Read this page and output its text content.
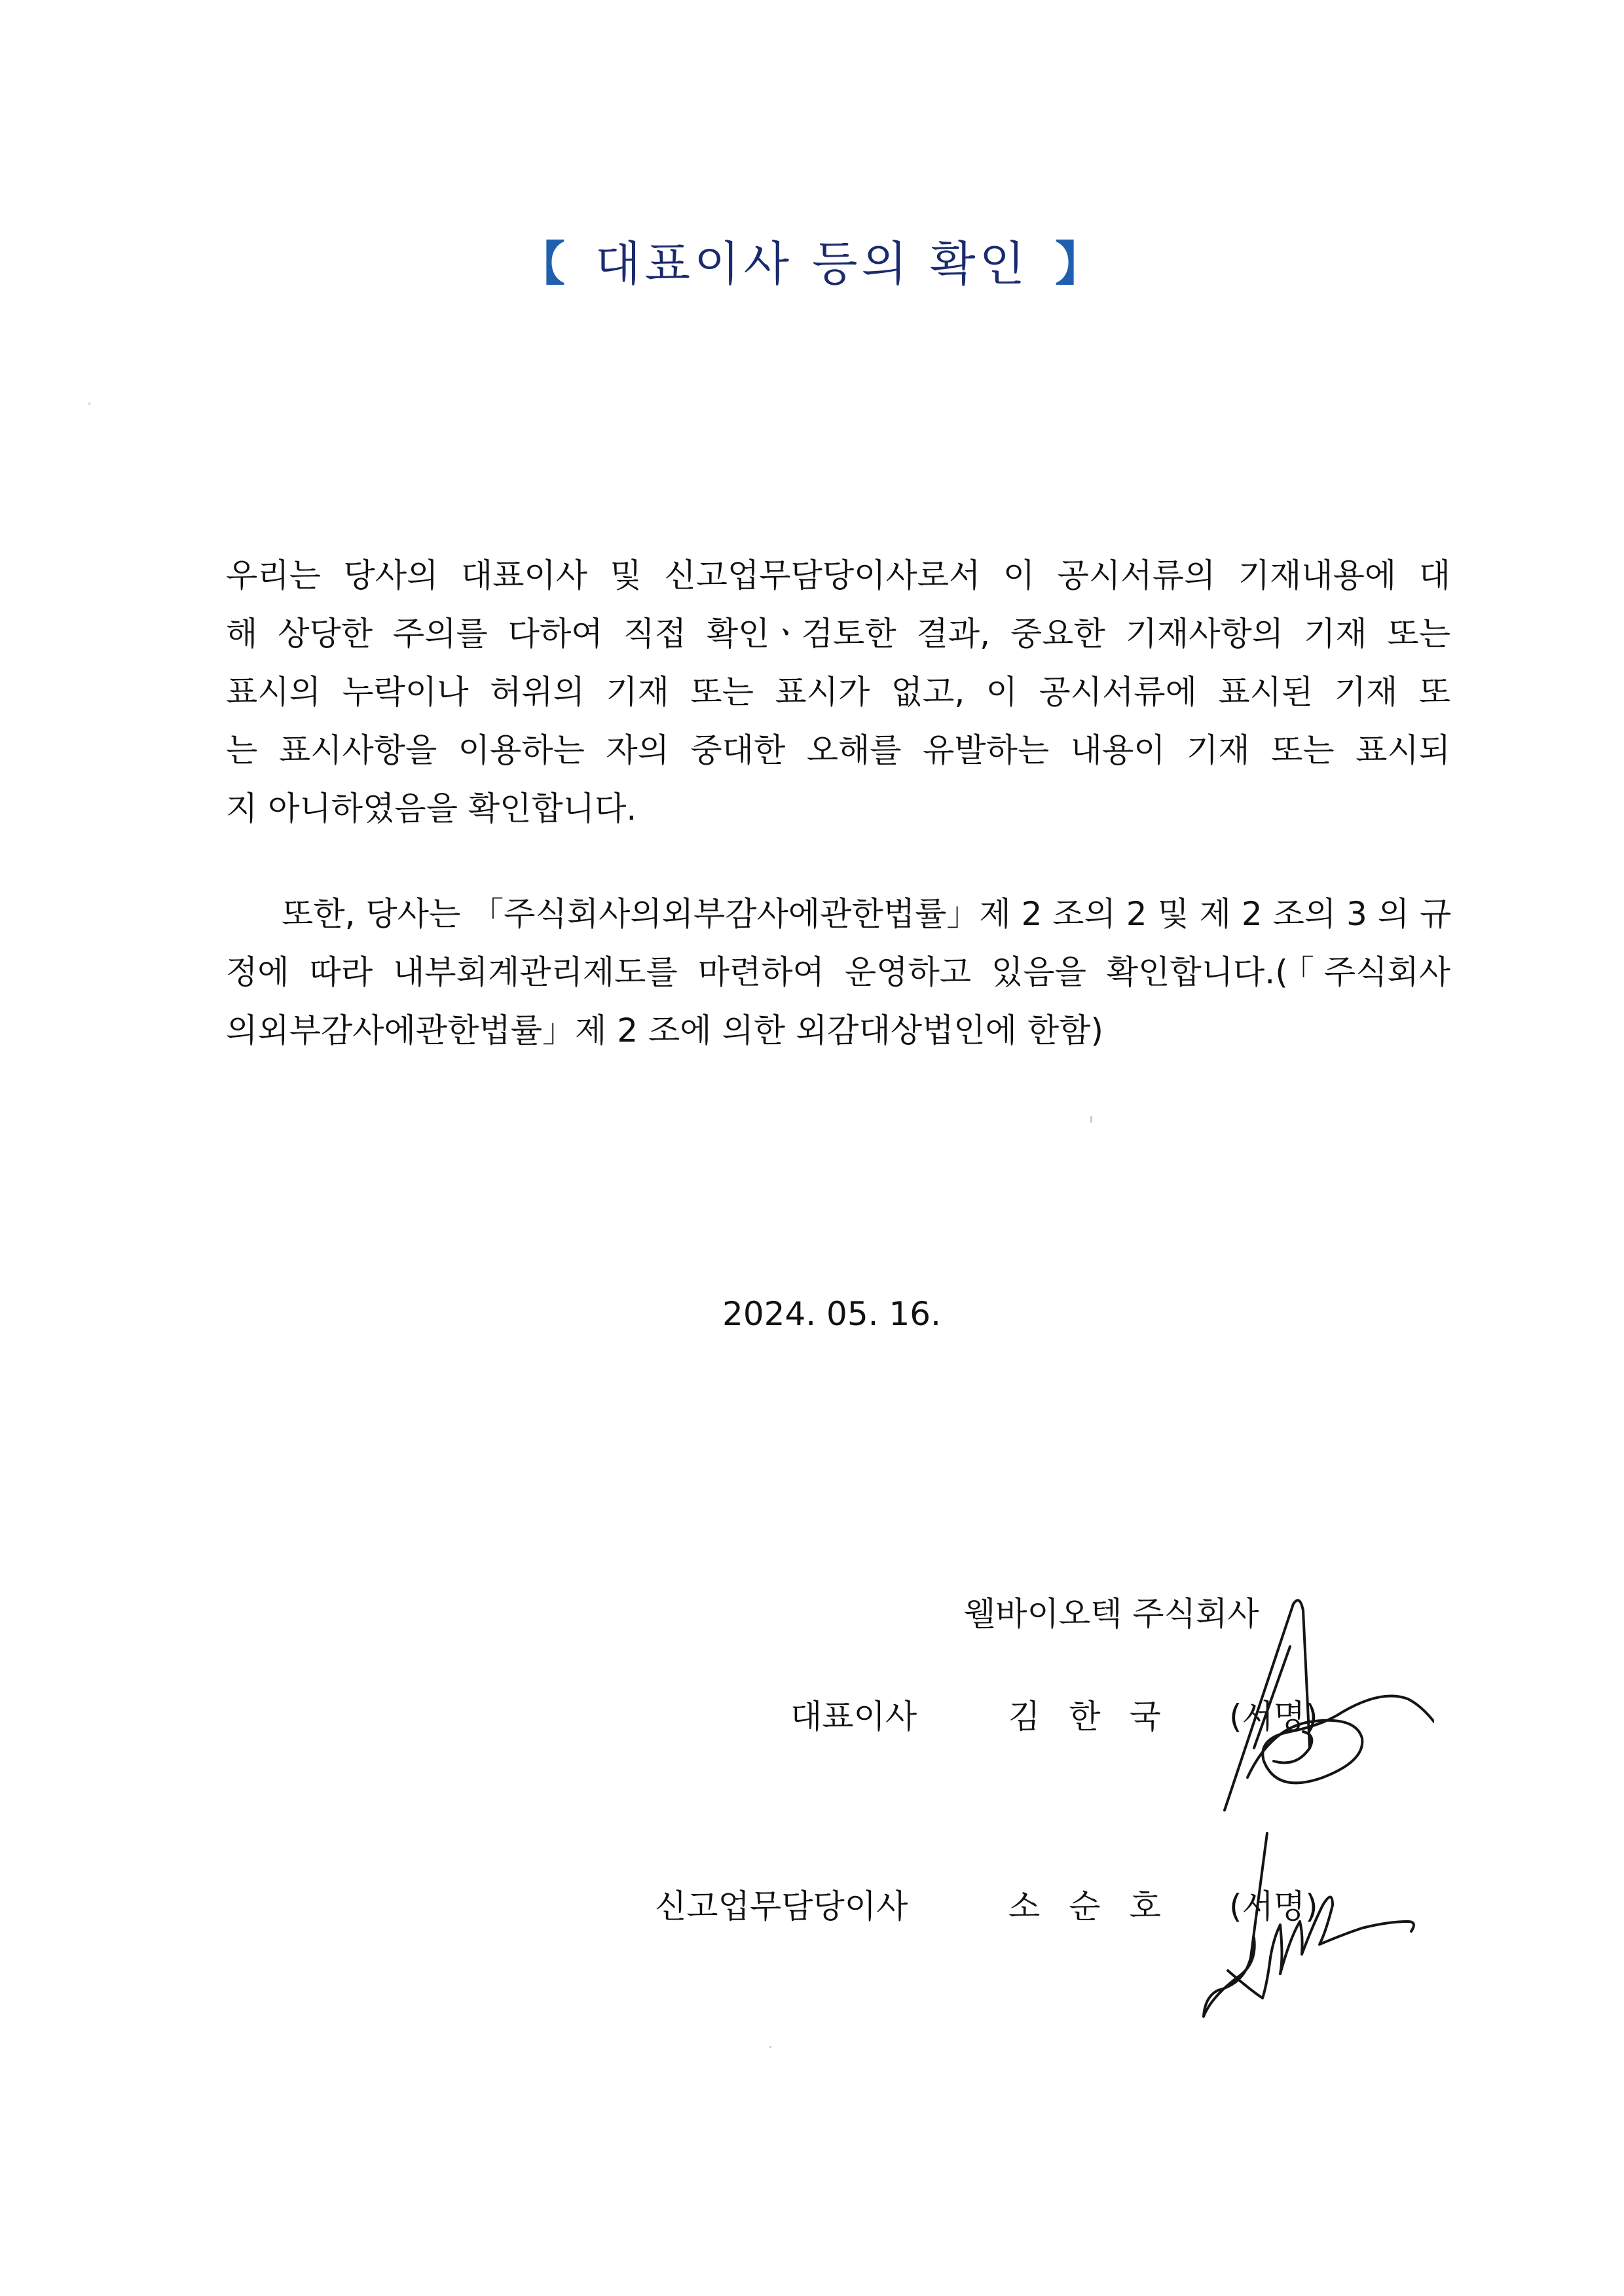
【 대표이사 등의 확인 】
우리는 당사의 대표이사 및 신고업무담당이사로서 이 공시서류의 기재내용에 대
해 상당한 주의를 다하여 직접 확인ㆍ검토한 결과, 중요한 기재사항의 기재 또는
표시의 누락이나 허위의 기재 또는 표시가 없고, 이 공시서류에 표시된 기재 또
는 표시사항을 이용하는 자의 중대한 오해를 유발하는 내용이 기재 또는 표시되
지 아니하였음을 확인합니다.
또한, 당사는 「주식회사의외부감사에관한법률」제 2 조의 2 및 제 2 조의 3 의 규
정에 따라 내부회계관리제도를 마련하여 운영하고 있음을 확인합니다.(「주식회사
의외부감사에관한법률」제 2 조에 의한 외감대상법인에 한함)
2024. 05. 16.
웰바이오텍 주식회사
대표이사	김한국 (서명)
신고업무담당이사	소순호 (서명)
